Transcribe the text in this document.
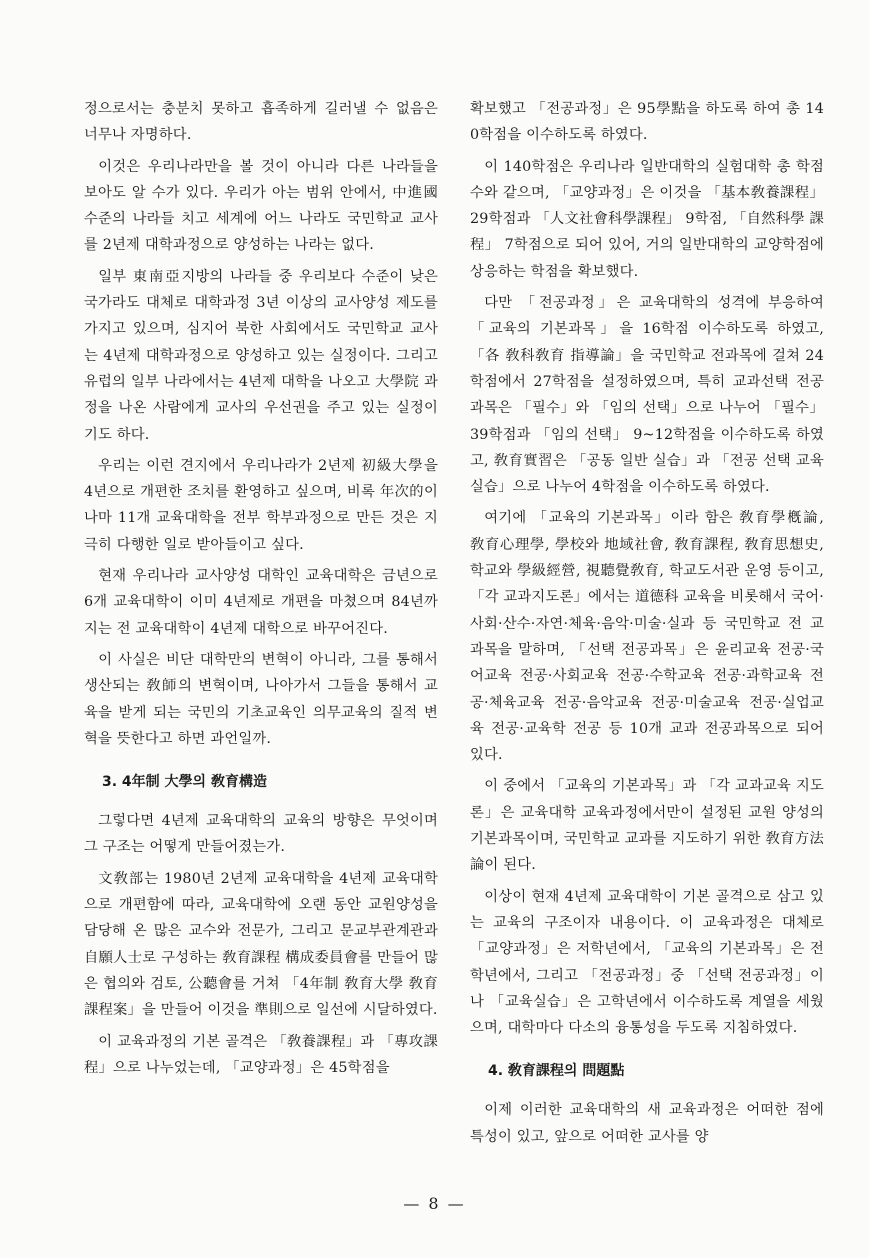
정으로서는 충분치 못하고 흡족하게 길러낼 수 없음은 너무나 자명하다.

이것은 우리나라만을 볼 것이 아니라 다른 나라들을 보아도 알 수가 있다. 우리가 아는 범위 안에서, 中進國 수준의 나라들 치고 세계에 어느 나라도 국민학교 교사를 2년제 대학과정으로 양성하는 나라는 없다.

일부 東南亞지방의 나라들 중 우리보다 수준이 낮은 국가라도 대체로 대학과정 3년 이상의 교사양성 제도를 가지고 있으며, 심지어 북한 사회에서도 국민학교 교사는 4년제 대학과정으로 양성하고 있는 실정이다. 그리고 유럽의 일부 나라에서는 4년제 대학을 나오고 大學院 과정을 나온 사람에게 교사의 우선권을 주고 있는 실정이기도 하다.

우리는 이런 견지에서 우리나라가 2년제 初級大學을 4년으로 개편한 조치를 환영하고 싶으며, 비록 年次的이나마 11개 교육대학을 전부 학부과정으로 만든 것은 지극히 다행한 일로 받아들이고 싶다.

현재 우리나라 교사양성 대학인 교육대학은 금년으로 6개 교육대학이 이미 4년제로 개편을 마쳤으며 84년까지는 전 교육대학이 4년제 대학으로 바꾸어진다.

이 사실은 비단 대학만의 변혁이 아니라, 그를 통해서 생산되는 敎師의 변혁이며, 나아가서 그들을 통해서 교육을 받게 되는 국민의 기초교육인 의무교육의 질적 변혁을 뜻한다고 하면 과언일까.

3. 4年制 大學의 敎育構造

그렇다면 4년제 교육대학의 교육의 방향은 무엇이며 그 구조는 어떻게 만들어졌는가.

文敎部는 1980년 2년제 교육대학을 4년제 교육대학으로 개편함에 따라, 교육대학에 오랜 동안 교원양성을 담당해 온 많은 교수와 전문가, 그리고 문교부관계관과 自願人士로 구성하는 敎育課程 構成委員會를 만들어 많은 협의와 검토, 公聽會를 거쳐 「4年制 敎育大學 敎育課程案」을 만들어 이것을 準則으로 일선에 시달하였다.

이 교육과정의 기본 골격은 「敎養課程」과 「專攻課程」으로 나누었는데, 「교양과정」은 45학점을

확보했고 「전공과정」은 95學點을 하도록 하여 총 140학점을 이수하도록 하였다.

이 140학점은 우리나라 일반대학의 실험대학 총 학점수와 같으며, 「교양과정」은 이것을 「基本敎養課程」 29학점과 「人文社會科學課程」 9학점, 「自然科學 課程」 7학점으로 되어 있어, 거의 일반대학의 교양학점에 상응하는 학점을 확보했다.

다만 「전공과정」은 교육대학의 성격에 부응하여 「교육의 기본과목」을 16학점 이수하도록 하였고, 「各 敎科敎育 指導論」을 국민학교 전과목에 걸쳐 24학점에서 27학점을 설정하였으며, 특히 교과선택 전공과목은 「필수」와 「임의 선택」으로 나누어 「필수」 39학점과 「임의 선택」 9~12학점을 이수하도록 하였고, 敎育實習은 「공동 일반 실습」과 「전공 선택 교육실습」으로 나누어 4학점을 이수하도록 하였다.

여기에 「교육의 기본과목」이라 함은 敎育學槪論, 敎育心理學, 學校와 地域社會, 敎育課程, 敎育思想史, 학교와 學級經營, 視聽覺敎育, 학교도서관 운영 등이고, 「각 교과지도론」에서는 道德科 교육을 비롯해서 국어·사회·산수·자연·체육·음악·미술·실과 등 국민학교 전 교과목을 말하며, 「선택 전공과목」은 윤리교육 전공·국어교육 전공·사회교육 전공·수학교육 전공·과학교육 전공·체육교육 전공·음악교육 전공·미술교육 전공·실업교육 전공·교육학 전공 등 10개 교과 전공과목으로 되어 있다.

이 중에서 「교육의 기본과목」과 「각 교과교육 지도론」은 교육대학 교육과정에서만이 설정된 교원 양성의 기본과목이며, 국민학교 교과를 지도하기 위한 敎育方法論이 된다.

이상이 현재 4년제 교육대학이 기본 골격으로 삼고 있는 교육의 구조이자 내용이다. 이 교육과정은 대체로 「교양과정」은 저학년에서, 「교육의 기본과목」은 전학년에서, 그리고 「전공과정」중 「선택 전공과정」이나 「교육실습」은 고학년에서 이수하도록 계열을 세웠으며, 대학마다 다소의 융통성을 두도록 지침하였다.

4. 敎育課程의 問題點

이제 이러한 교육대학의 새 교육과정은 어떠한 점에 특성이 있고, 앞으로 어떠한 교사를 양

— 8 —
